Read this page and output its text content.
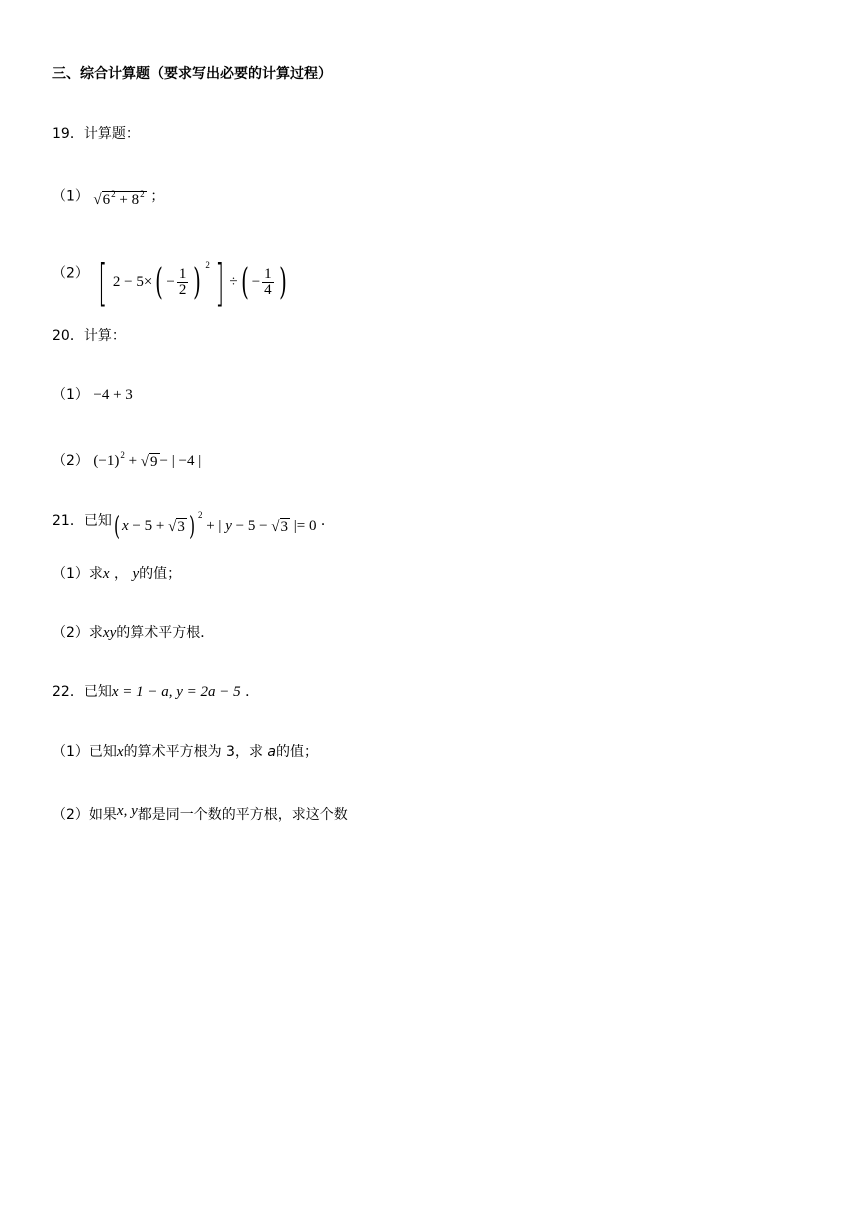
三、综合计算题（要求写出必要的计算过程）
19．计算题：
（1） $√6^2 + 8^2$ ；
（2） [ $2 - 5\times( - \frac{1}{2}$ ) $^2$ ] ÷( − $\frac{1}{4}$ )
20．计算：
（1） −4 + 3
（2） $(-1)^2 + √9$ − | −4 |
21．已知( x − 5 + √3 ) $^2$ + | y − 5 − √3 |= 0 ．
（1）求x ， y的值；
（2）求xy的算术平方根．
22．已知x = 1 − a, y = 2a − 5 ．
（1）已知x的算术平方根为 3，求 a的值；
（2）如果x, y都是同一个数的平方根，求这个数
